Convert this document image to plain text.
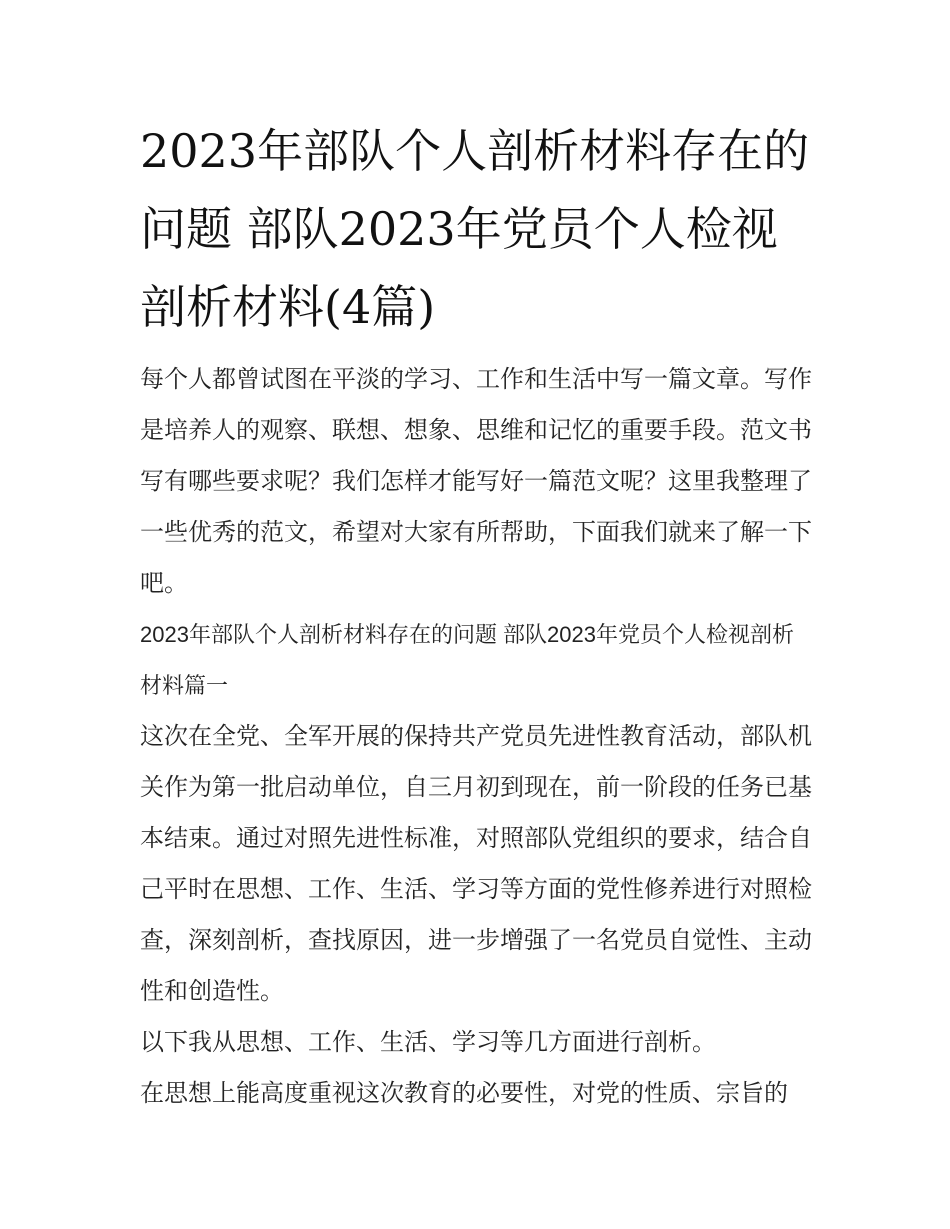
2023年部队个人剖析材料存在的问题 部队2023年党员个人检视剖析材料(4篇)

每个人都曾试图在平淡的学习、工作和生活中写一篇文章。写作是培养人的观察、联想、想象、思维和记忆的重要手段。范文书写有哪些要求呢？我们怎样才能写好一篇范文呢？这里我整理了一些优秀的范文，希望对大家有所帮助，下面我们就来了解一下吧。

2023年部队个人剖析材料存在的问题 部队2023年党员个人检视剖析材料篇一

这次在全党、全军开展的保持共产党员先进性教育活动，部队机关作为第一批启动单位，自三月初到现在，前一阶段的任务已基本结束。通过对照先进性标准，对照部队党组织的要求，结合自己平时在思想、工作、生活、学习等方面的党性修养进行对照检查，深刻剖析，查找原因，进一步增强了一名党员自觉性、主动性和创造性。

以下我从思想、工作、生活、学习等几方面进行剖析。

在思想上能高度重视这次教育的必要性，对党的性质、宗旨的
